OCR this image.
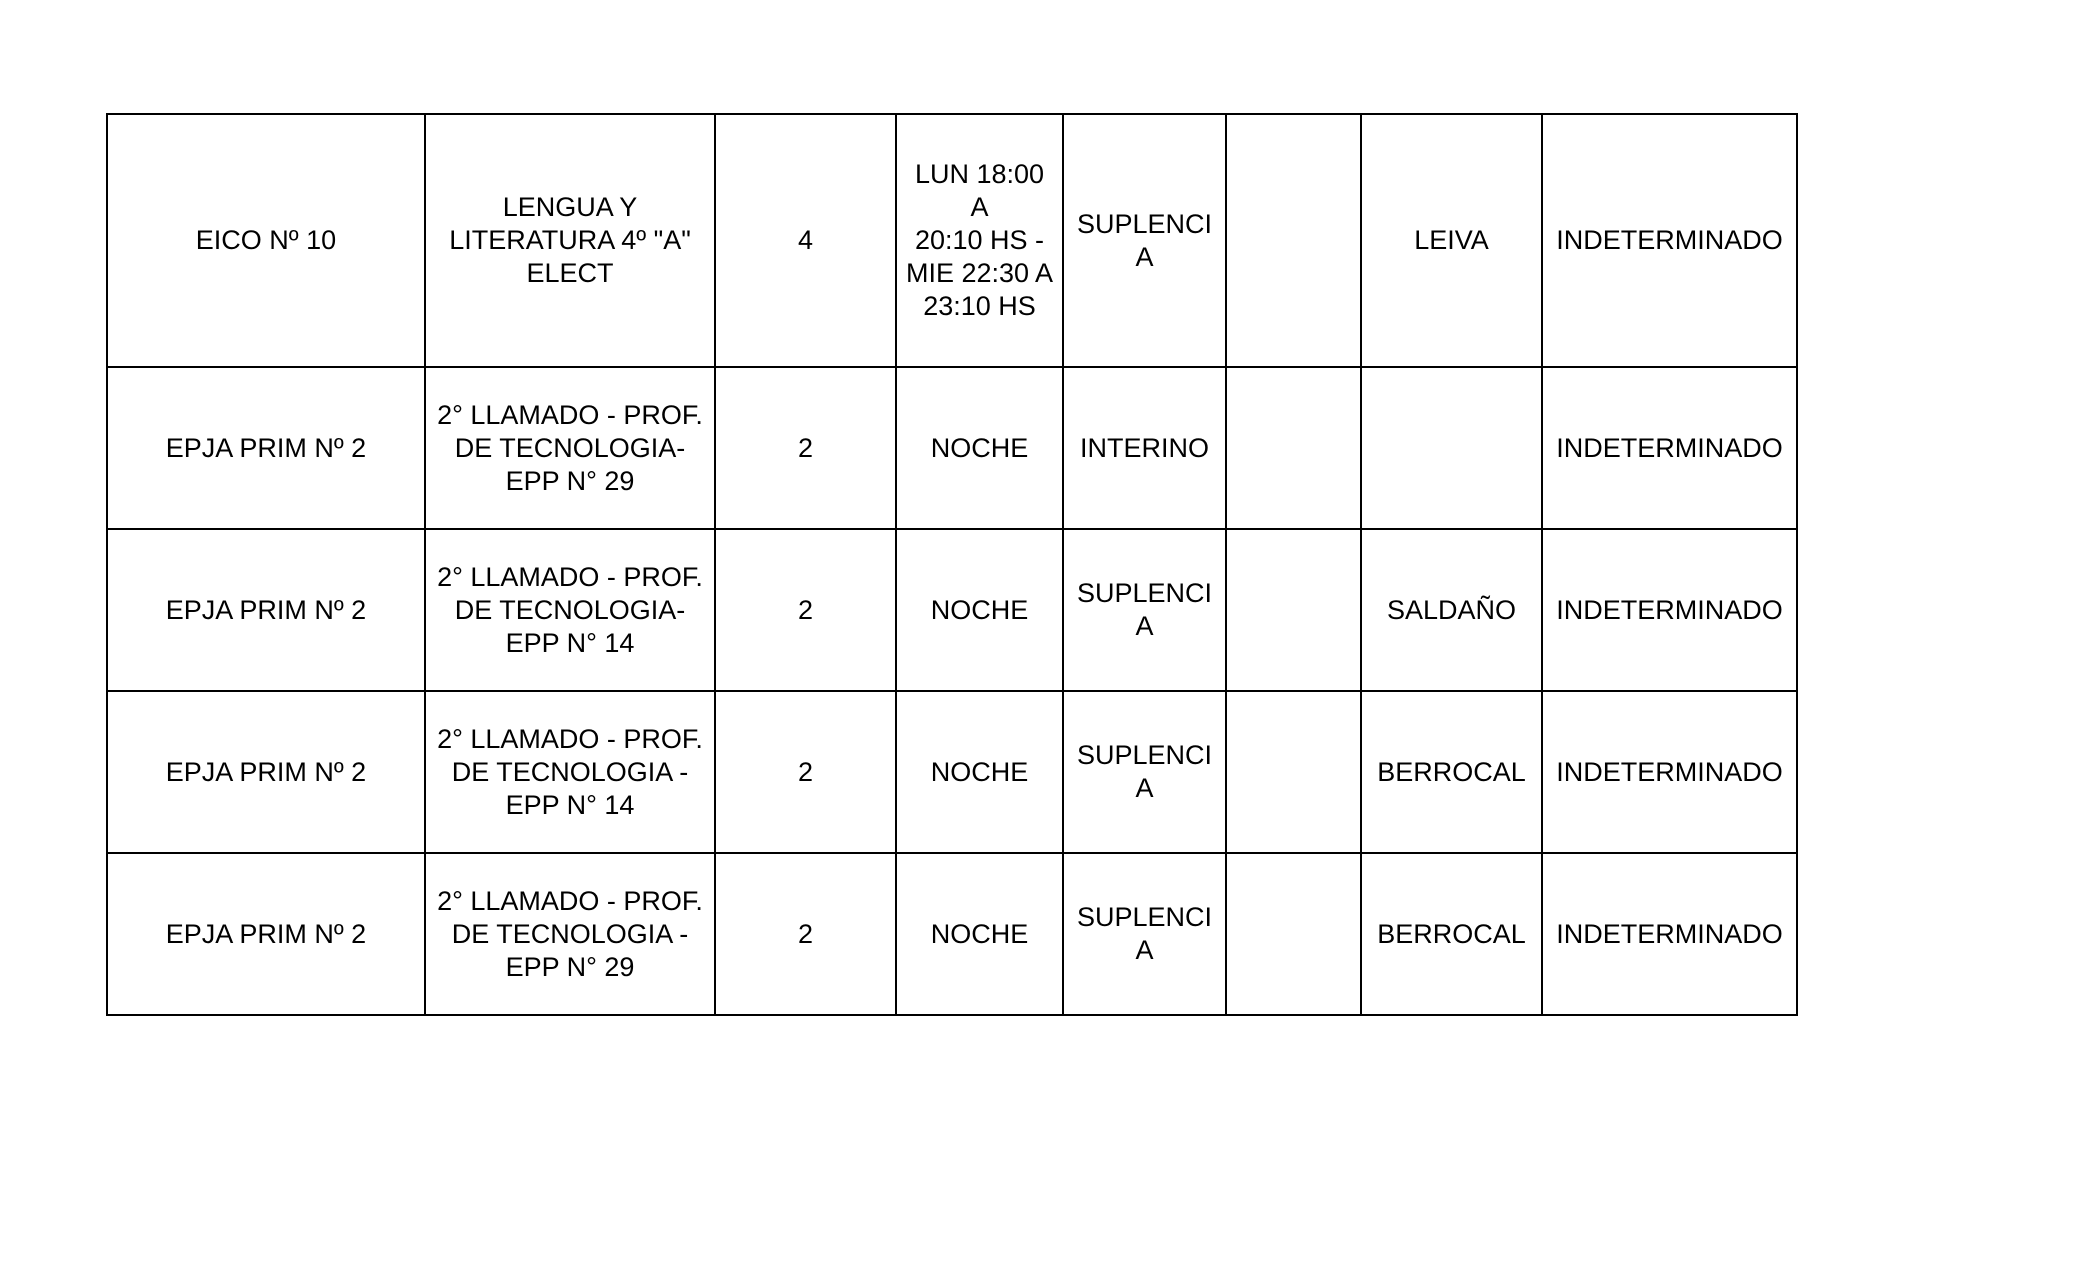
EICO Nº 10	LENGUA Y
LITERATURA 4º "A"
ELECT	4	LUN 18:00 A
20:10 HS -
MIE 22:30 A
23:10 HS	SUPLENCI
A		LEIVA	INDETERMINADO

EPJA PRIM Nº 2	2° LLAMADO - PROF.
DE TECNOLOGIA-
EPP N° 29	2	NOCHE	INTERINO			INDETERMINADO

EPJA PRIM Nº 2	2° LLAMADO - PROF.
DE TECNOLOGIA-
EPP N° 14	2	NOCHE	SUPLENCI
A		SALDAÑO	INDETERMINADO

EPJA PRIM Nº 2	2° LLAMADO - PROF.
DE TECNOLOGIA -
EPP N° 14	2	NOCHE	SUPLENCI
A		BERROCAL	INDETERMINADO

EPJA PRIM Nº 2	2° LLAMADO - PROF.
DE TECNOLOGIA -
EPP N° 29	2	NOCHE	SUPLENCI
A		BERROCAL	INDETERMINADO
